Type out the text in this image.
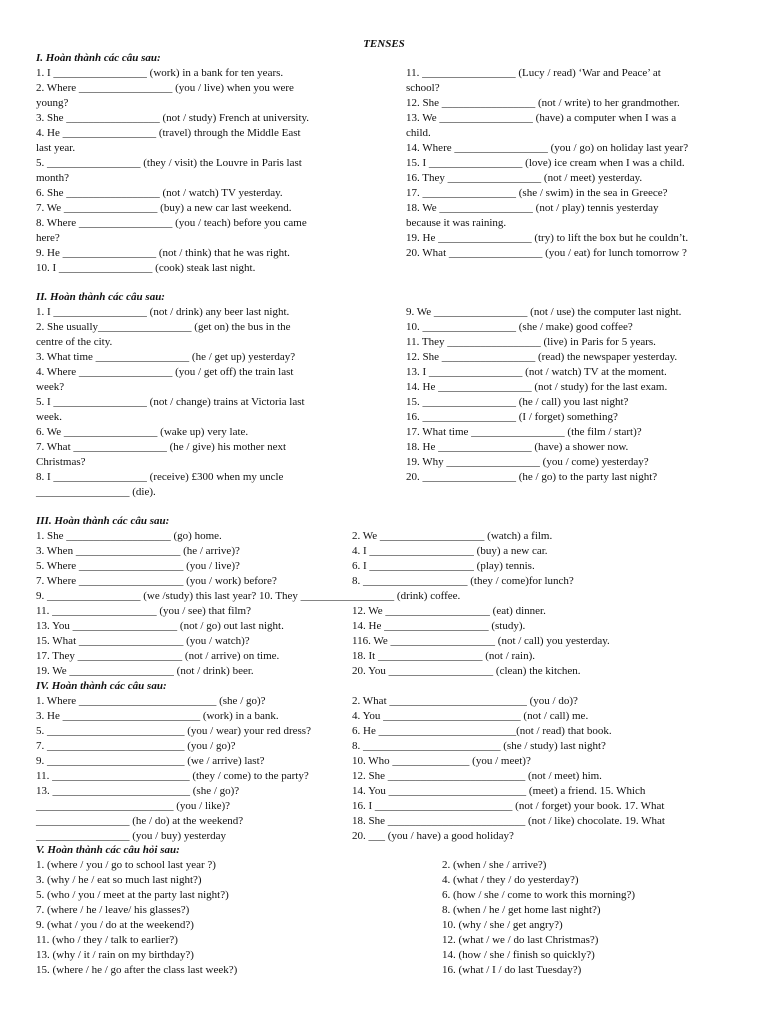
TENSES
I. Hoàn thành các câu sau:
1. I _________________ (work) in a bank for ten years.
2. Where _________________ (you / live) when you were
young?
3. She _________________ (not / study) French at university.
4. He _________________ (travel) through the Middle East
last year.
5. _________________ (they / visit) the Louvre in Paris last
month?
6. She _________________ (not / watch) TV yesterday.
7. We _________________ (buy) a new car last weekend.
8. Where _________________ (you / teach) before you came
here?
9. He _________________ (not / think) that he was right.
10. I _________________ (cook) steak last night.
11. _________________ (Lucy / read) ‘War and Peace’ at
school?
12. She _________________ (not / write) to her grandmother.
13. We _________________ (have) a computer when I was a
child.
14. Where _________________ (you / go) on holiday last year?
15. I _________________ (love) ice cream when I was a child.
16. They _________________ (not / meet) yesterday.
17. _________________ (she / swim) in the sea in Greece?
18. We _________________ (not / play) tennis yesterday
because it was raining.
19. He _________________ (try) to lift the box but he couldn’t.
20. What _________________ (you / eat) for lunch tomorrow ?
II. Hoàn thành các câu sau:
1. I _________________ (not / drink) any beer last night.
2. She usually_________________ (get on) the bus in the
centre of the city.
3. What time _________________ (he / get up) yesterday?
4. Where _________________ (you / get off) the train last
week?
5. I _________________ (not / change) trains at Victoria last
week.
6. We _________________ (wake up) very late.
7. What _________________ (he / give) his mother next
Christmas?
8. I _________________ (receive) £300 when my uncle
_________________ (die).
9. We _________________ (not / use) the computer last night.
10. _________________ (she / make) good coffee?
11. They _________________ (live) in Paris for 5 years.
12. She _________________ (read) the newspaper yesterday.
13. I _________________ (not / watch) TV at the moment.
14. He _________________ (not / study) for the last exam.
15. _________________ (he / call) you last night?
16. _________________ (I / forget) something?
17. What time _________________ (the film / start)?
18. He _________________ (have) a shower now.
19. Why _________________ (you / come) yesterday?
20. _________________ (he / go) to the party last night?
III. Hoàn thành các câu sau:
1. She ___________________ (go) home.
3. When ___________________ (he / arrive)?
5. Where ___________________ (you / live)?
7. Where ___________________ (you / work) before?
9. _________________ (we /study) this last year? 10. They _________________ (drink) coffee.
11. ___________________ (you / see) that film?
13. You ___________________ (not / go) out last night.
15. What ___________________ (you / watch)?
17. They ___________________ (not / arrive) on time.
19. We ___________________ (not / drink) beer.
2. We ___________________ (watch) a film.
4. I ___________________ (buy) a new car.
6. I ___________________ (play) tennis.
8. ___________________ (they / come)for lunch?
12. We ___________________ (eat) dinner.
14. He ___________________ (study).
116. We ___________________ (not / call) you yesterday.
18. It ___________________ (not / rain).
20. You ___________________ (clean) the kitchen.
IV. Hoàn thành các câu sau:
1. Where _________________________ (she / go)?
3. He _________________________ (work) in a bank.
5. _________________________ (you / wear) your red dress?
7. _________________________ (you / go)?
9. _________________________ (we / arrive) last?
11. _________________________ (they / come) to the party?
13. _________________________ (she / go)?
_________________________ (you / like)?
_________________ (he / do) at the weekend?
_________________ (you / buy) yesterday
2. What _________________________ (you / do)?
4. You _________________________ (not / call) me.
6. He _________________________(not / read) that book.
8. _________________________ (she / study) last night?
10. Who ______________ (you / meet)?
12. She _________________________ (not / meet) him.
14. You _________________________ (meet) a friend. 15. Which
16. I _________________________ (not / forget) your book. 17. What
18. She _________________________ (not / like) chocolate. 19. What
20. ___ (you / have) a good holiday?
V. Hoàn thành các câu hỏi sau:
1. (where / you / go to school last year ?)
3. (why / he / eat so much last night?)
5. (who / you / meet at the party last night?)
7. (where / he / leave/ his glasses?)
9. (what / you / do at the weekend?)
11. (who / they / talk to earlier?)
13. (why / it / rain on my birthday?)
15. (where / he / go after the class last week?)
2. (when / she / arrive?)
4. (what / they / do yesterday?)
6. (how / she / come to work this morning?)
8. (when / he / get home last night?)
10. (why / she / get angry?)
12. (what / we / do last Christmas?)
14. (how / she / finish so quickly?)
16. (what / I / do last Tuesday?)
